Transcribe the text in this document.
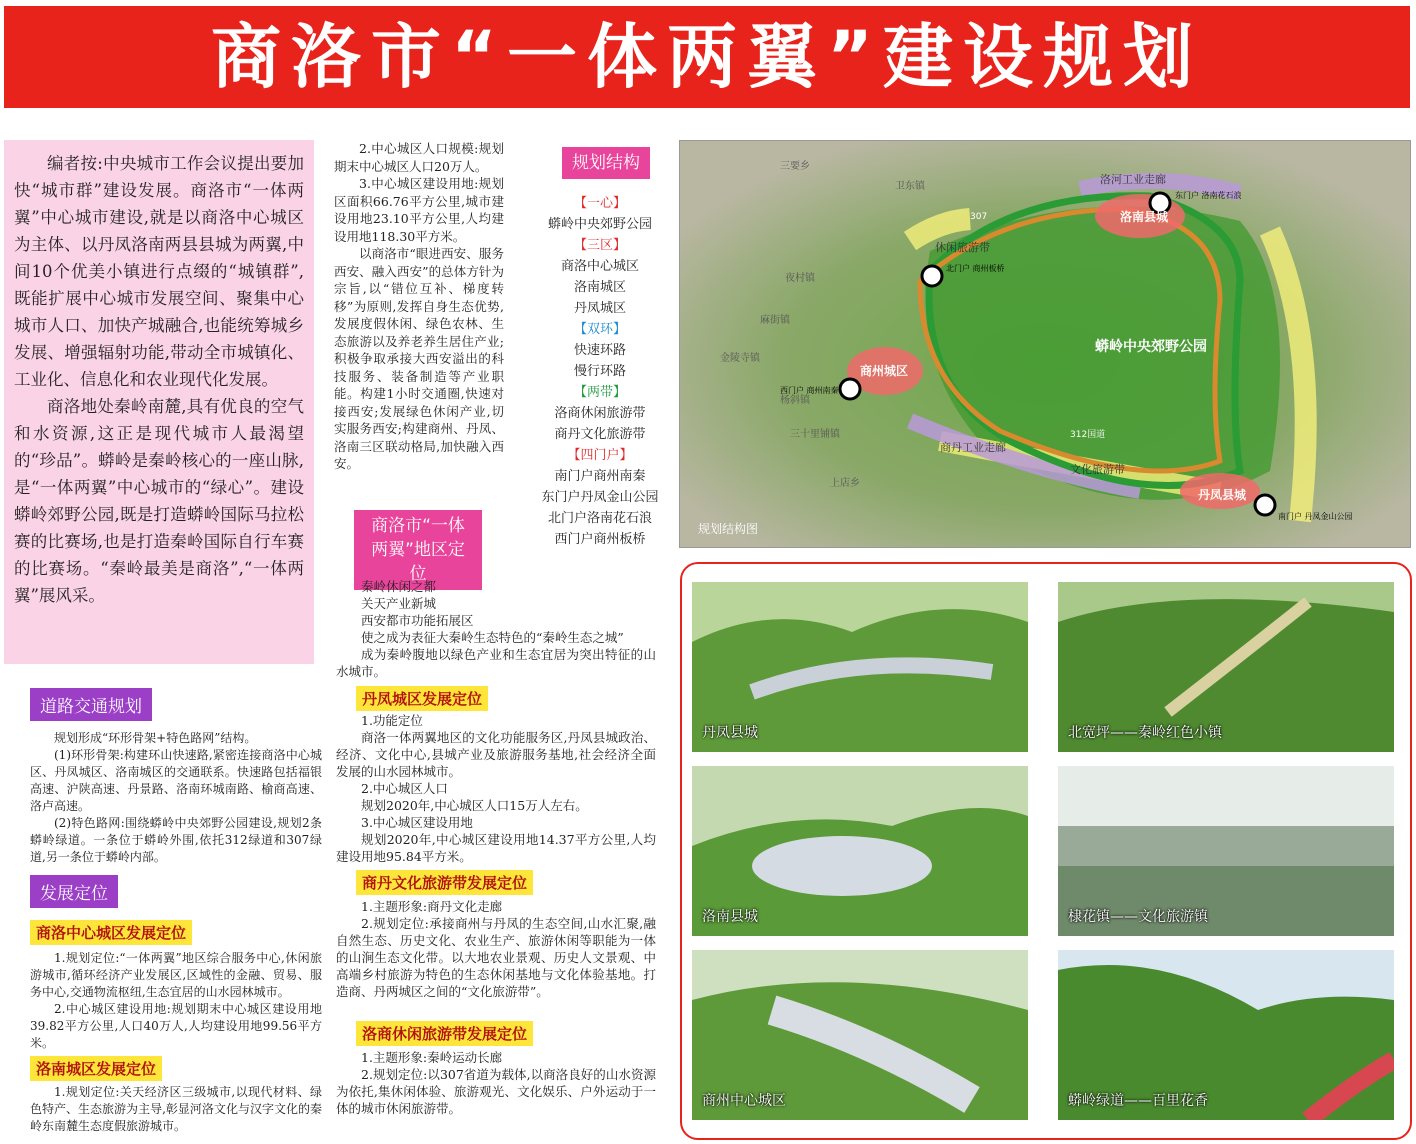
商洛市“一体两翼”建设规划

编者按:中央城市工作会议提出要加快“城市群”建设发展。商洛市“一体两翼”中心城市建设,就是以商洛中心城区为主体、以丹凤洛南两县县城为两翼,中间10个优美小镇进行点缀的“城镇群”,既能扩展中心城市发展空间、聚集中心城市人口、加快产城融合,也能统筹城乡发展、增强辐射功能,带动全市城镇化、工业化、信息化和农业现代化发展。

商洛地处秦岭南麓,具有优良的空气和水资源,这正是现代城市人最渴望的“珍品”。蟒岭是秦岭核心的一座山脉,是“一体两翼”中心城市的“绿心”。建设蟒岭郊野公园,既是打造蟒岭国际马拉松赛的比赛场,也是打造秦岭国际自行车赛的比赛场。“秦岭最美是商洛”,“一体两翼”展风采。

道路交通规划

规划形成“环形骨架+特色路网”结构。

(1)环形骨架:构建环山快速路,紧密连接商洛中心城区、丹凤城区、洛南城区的交通联系。快速路包括福银高速、沪陕高速、丹景路、洛南环城南路、榆商高速、洛卢高速。

(2)特色路网:围绕蟒岭中央郊野公园建设,规划2条蟒岭绿道。一条位于蟒岭外围,依托312绿道和307绿道,另一条位于蟒岭内部。

发展定位
商洛中心城区发展定位

1.规划定位:“一体两翼”地区综合服务中心,休闲旅游城市,循环经济产业发展区,区域性的金融、贸易、服务中心,交通物流枢纽,生态宜居的山水园林城市。

2.中心城区建设用地:规划期末中心城区建设用地39.82平方公里,人口40万人,人均建设用地99.56平方米。

洛南城区发展定位

1.规划定位:关天经济区三级城市,以现代材料、绿色特产、生态旅游为主导,彰显河洛文化与汉字文化的秦岭东南麓生态度假旅游城市。

2.中心城区人口规模:规划期末中心城区人口20万人。

3.中心城区建设用地:规划区面积66.76平方公里,城市建设用地23.10平方公里,人均建设用地118.30平方米。

以商洛市“眼进西安、服务西安、融入西安”的总体方针为宗旨,以“错位互补、梯度转移”为原则,发挥自身生态优势,发展度假休闲、绿色农林、生态旅游以及养老养生居住产业;积极争取承接大西安溢出的科技服务、装备制造等产业职能。构建1小时交通圈,快速对接西安;发展绿色休闲产业,切实服务西安;构建商州、丹凤、洛南三区联动格局,加快融入西安。

规划结构
【一心】
蟒岭中央郊野公园
【三区】
商洛中心城区
洛南城区
丹凤城区
【双环】
快速环路
慢行环路
【两带】
洛商休闲旅游带
商丹文化旅游带
【四门户】
南门户商州南秦
东门户丹凤金山公园
北门户洛南花石浪
西门户商州板桥
商洛市“一体两翼”地区定位

秦岭休闲之都

关天产业新城

西安都市功能拓展区

使之成为表征大秦岭生态特色的“秦岭生态之城”

成为秦岭腹地以绿色产业和生态宜居为突出特征的山水城市。

丹凤城区发展定位

1.功能定位

商洛一体两翼地区的文化功能服务区,丹凤县城政治、经济、文化中心,县城产业及旅游服务基地,社会经济全面发展的山水园林城市。

2.中心城区人口

规划2020年,中心城区人口15万人左右。

3.中心城区建设用地

规划2020年,中心城区建设用地14.37平方公里,人均建设用地95.84平方米。

商丹文化旅游带发展定位

1.主题形象:商丹文化走廊

2.规划定位:承接商州与丹凤的生态空间,山水汇聚,融自然生态、历史文化、农业生产、旅游休闲等职能为一体的山涧生态文化带。以大地农业景观、历史人文景观、中高端乡村旅游为特色的生态休闲基地与文化体验基地。打造商、丹两城区之间的“文化旅游带”。

洛商休闲旅游带发展定位

1.主题形象:秦岭运动长廊

2.规划定位:以307省道为载体,以商洛良好的山水资源为依托,集休闲体验、旅游观光、文化娱乐、户外运动于一体的城市休闲旅游带。

蟒岭中央郊野公园
洛南县城
商州城区
丹凤县城
洛河工业走廊
商丹工业走廊
休闲旅游带
文化旅游带
307
312国道
东门户 洛南花石浪
北门户 商州板桥
西门户 商州南秦
南门户 丹凤金山公园
三要乡
卫东镇
夜村镇
麻街镇
金陵寺镇
杨斜镇
三十里铺镇
上店乡
规划结构图
丹凤县城	北宽坪——秦岭红色小镇
洛南县城	棣花镇——文化旅游镇
商州中心城区	蟒岭绿道——百里花香
